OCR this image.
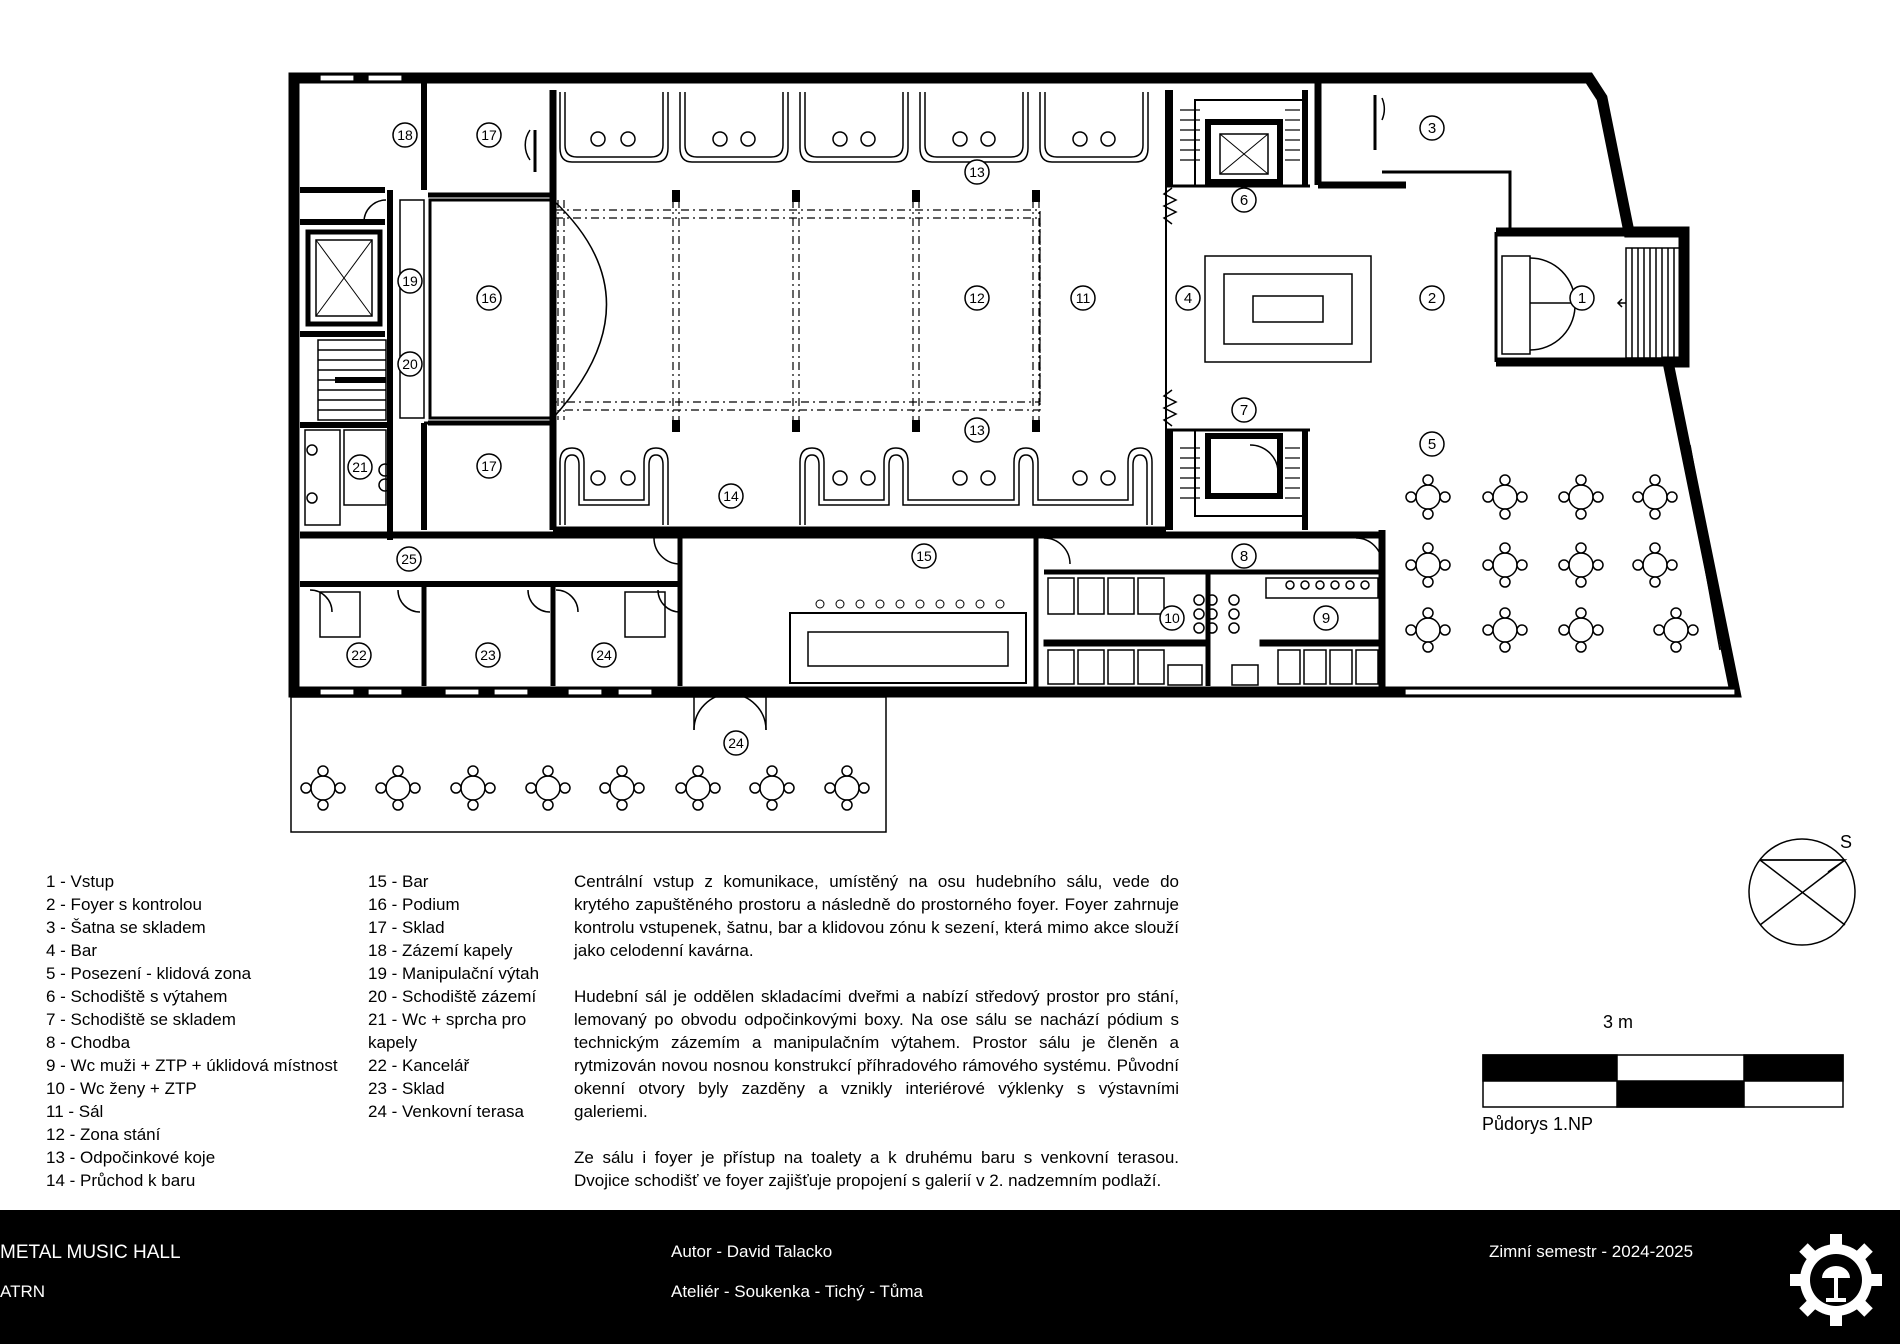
1
2
3
4
5
6
7
8
9
10
11
12
13
13
14
15
16
17
17
18
19
20
21
22	23	24
24
25
S
1 - Vstup
2 - Foyer s kontrolou
3 - Šatna se skladem
4 - Bar
5 - Posezení - klidová zona
6 - Schodiště s výtahem
7 - Schodiště se skladem
8 - Chodba
9 - Wc muži + ZTP + úklidová místnost
10 - Wc ženy + ZTP
11 - Sál
12 - Zona stání
13 - Odpočinkové koje
14 - Průchod k baru
15 - Bar
16 - Podium
17 - Sklad
18 - Zázemí kapely
19 - Manipulační výtah
20 - Schodiště zázemí
21 - Wc + sprcha pro kapely
22 - Kancelář
23 - Sklad
24 - Venkovní terasa

Centrální vstup z komunikace, umístěný na osu hudebního sálu, vede do krytého zapuštěného prostoru a následně do prostorného foyer. Foyer zahrnuje kontrolu vstupenek, šatnu, bar a klidovou zónu k sezení, která mimo akce slouží jako celodenní kavárna.

Hudební sál je oddělen skladacími dveřmi a nabízí středový prostor pro stání, lemovaný po obvodu odpočinkovými boxy. Na ose sálu se nachází pódium s technickým zázemím a manipulačním výtahem. Prostor sálu je členěn a rytmizován novou nosnou konstrukcí příhradového rámového systému. Původní okenní otvory byly zazděny a vznikly interiérové výklenky s výstavními galeriemi.

Ze sálu i foyer je přístup na toalety a k druhému baru s venkovní terasou. Dvojice schodišť ve foyer zajišťuje propojení s galerií v 2. nadzemním podlaží.

3 m
Půdorys 1.NP
METAL MUSIC HALL
ATRN
Autor - David Talacko
Ateliér - Soukenka - Tichý - Tůma
Zimní semestr - 2024-2025
